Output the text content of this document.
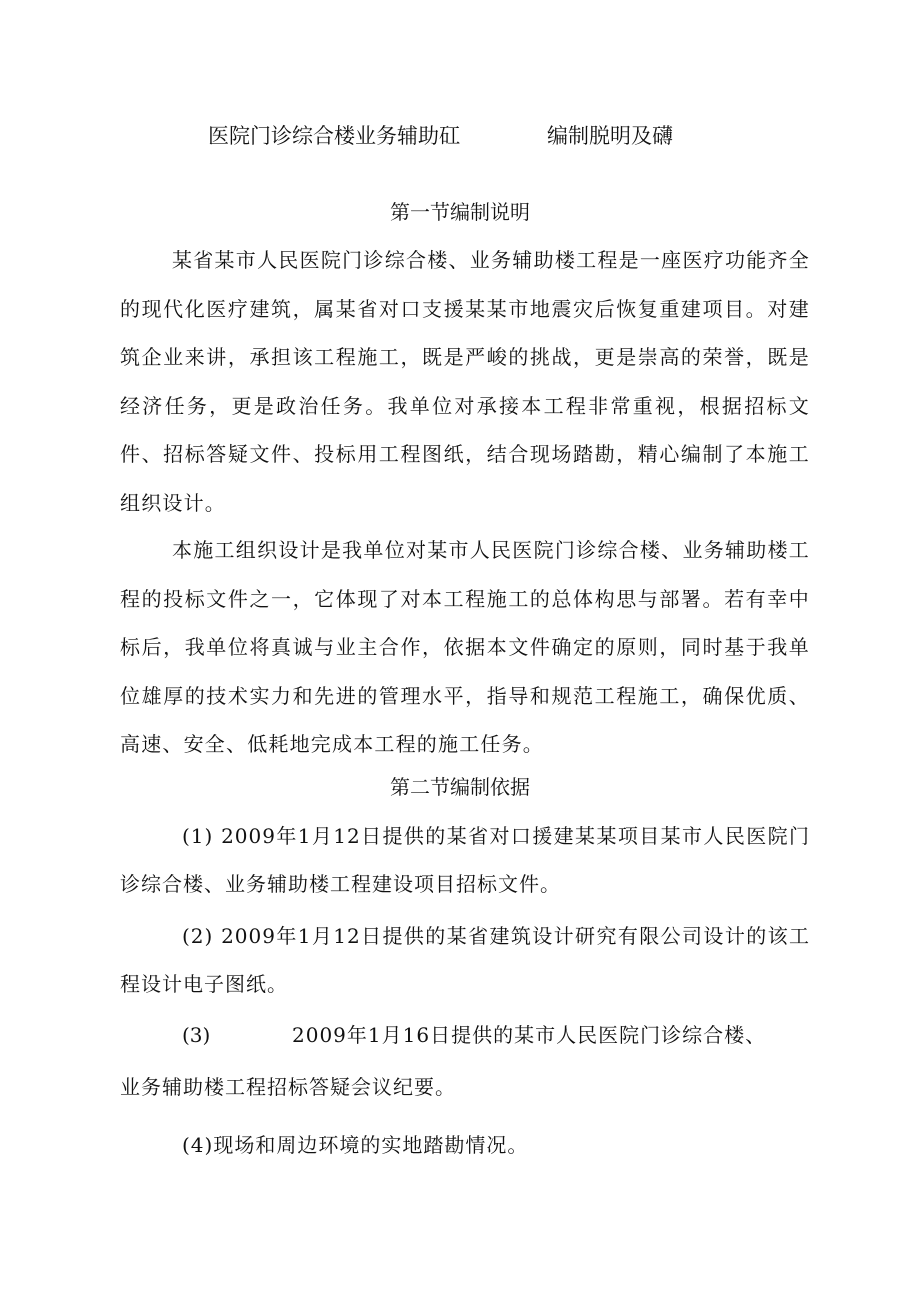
医院门诊综合楼业务辅助矼	编制脱明及礴
第一节编制说明
某省某市人民医院门诊综合楼、业务辅助楼工程是一座医疗功能齐全的现代化医疗建筑，属某省对口支援某某市地震灾后恢复重建项目。对建筑企业来讲，承担该工程施工，既是严峻的挑战，更是崇高的荣誉，既是经济任务，更是政治任务。我单位对承接本工程非常重视，根据招标文件、招标答疑文件、投标用工程图纸，结合现场踏勘，精心编制了本施工组织设计。
本施工组织设计是我单位对某市人民医院门诊综合楼、业务辅助楼工程的投标文件之一，它体现了对本工程施工的总体构思与部署。若有幸中标后，我单位将真诚与业主合作，依据本文件确定的原则，同时基于我单位雄厚的技术实力和先进的管理水平，指导和规范工程施工，确保优质、高速、安全、低耗地完成本工程的施工任务。
第二节编制依据
(1) 2009年1月12日提供的某省对口援建某某项目某市人民医院门诊综合楼、业务辅助楼工程建设项目招标文件。
(2) 2009年1月12日提供的某省建筑设计研究有限公司设计的该工程设计电子图纸。
(3)	2009年1月16日提供的某市人民医院门诊综合楼、
业务辅助楼工程招标答疑会议纪要。
(4)现场和周边环境的实地踏勘情况。
